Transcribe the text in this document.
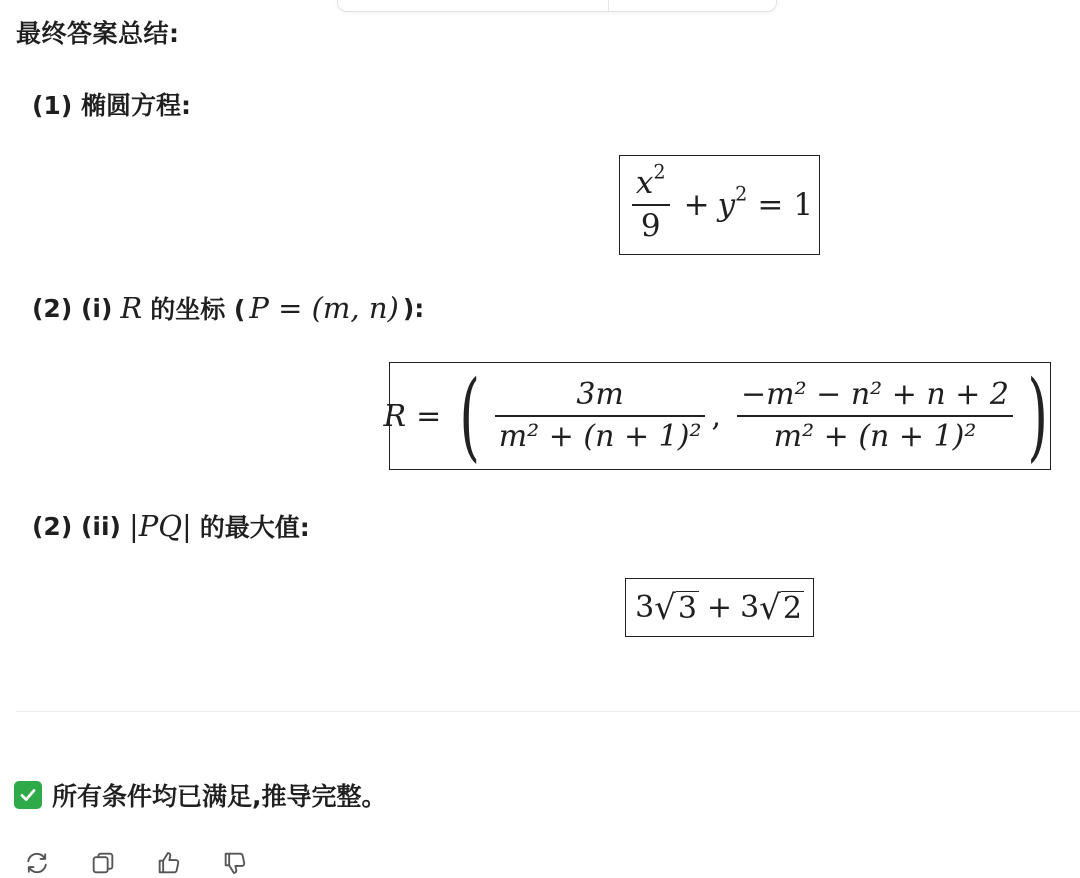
最终答案总结:
(1) 椭圆方程:
$\frac{x^2}{9} + y^2 = 1$
(2) (i) R 的坐标 ( P = (m, n) ):
R = ( $\frac{3m}{\text{m² + (n + 1)²}}$ , $\frac{\text{−m² − n² + n + 2}}{\text{m² + (n + 1)²}}$ )
(2) (ii) |PQ| 的最大值:
3 √ 3 + 3 √ 2
所有条件均已满足,推导完整。
